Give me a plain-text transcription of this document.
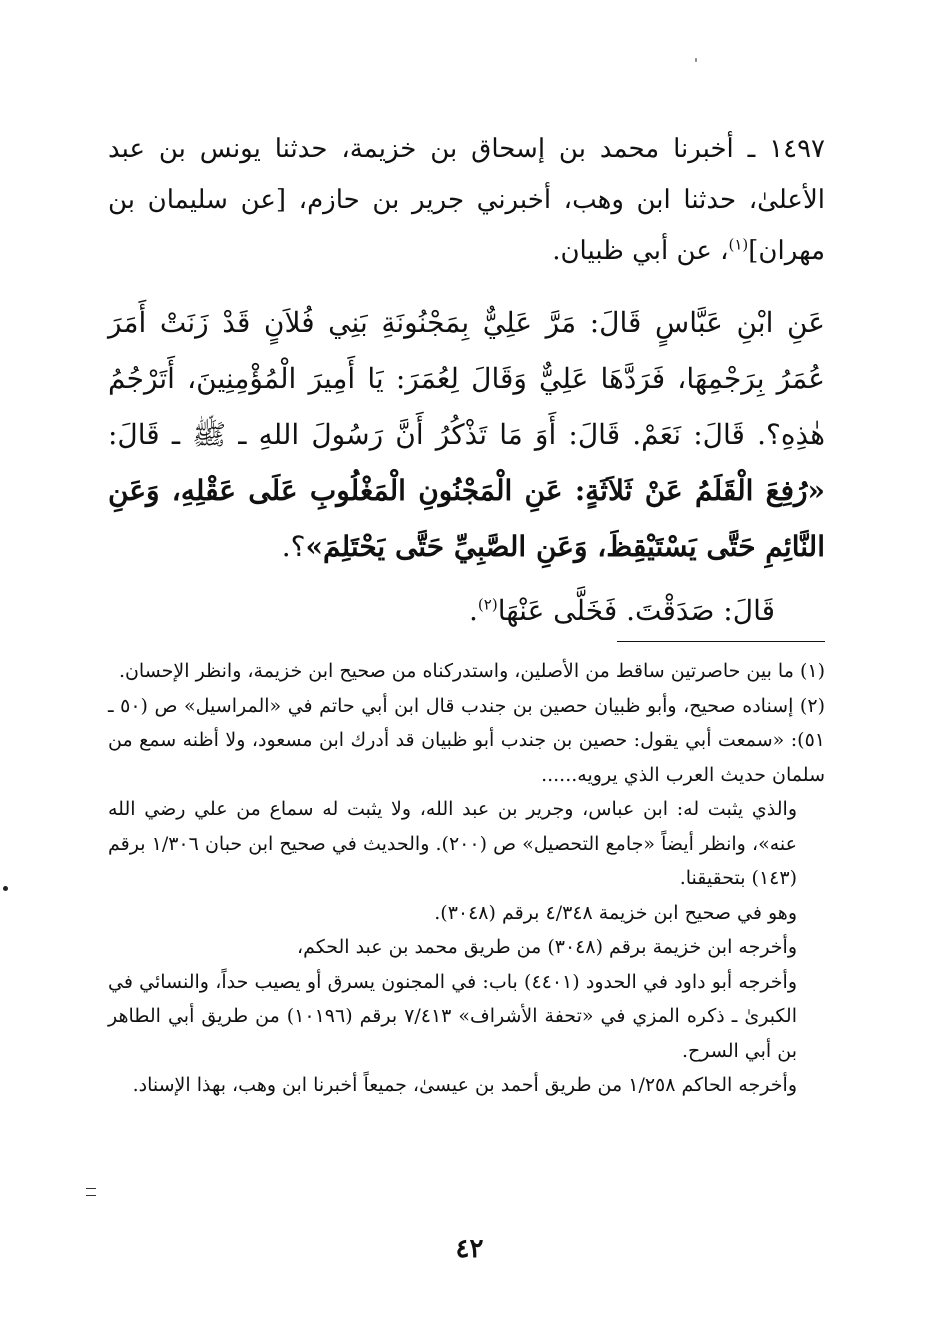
١٤٩٧ ـ أخبرنا محمد بن إسحاق بن خزيمة، حدثنا يونس بن عبد الأعلىٰ، حدثنا ابن وهب، أخبرني جرير بن حازم، [عن سليمان بن مهران]$^{(١)}$، عن أبي ظبيان.

عَنِ ابْنِ عَبَّاسٍ قَالَ: مَرَّ عَلِيٌّ بِمَجْنُونَةِ بَنِي فُلاَنٍ قَدْ زَنَتْ أَمَرَ عُمَرُ بِرَجْمِهَا، فَرَدَّهَا عَلِيٌّ وَقَالَ لِعُمَرَ: يَا أَمِيرَ الْمُؤْمِنِينَ، أَتَرْجُمُ هٰذِهِ؟. قَالَ: نَعَمْ. قَالَ: أَوَ مَا تَذْكُرُ أَنَّ رَسُولَ اللهِ ـ ﷺ ـ قَالَ: «رُفِعَ الْقَلَمُ عَنْ ثَلاَثَةٍ: عَنِ الْمَجْنُونِ الْمَغْلُوبِ عَلَى عَقْلِهِ، وَعَنِ النَّائِمِ حَتَّى يَسْتَيْقِظَ، وَعَنِ الصَّبِيِّ حَتَّى يَحْتَلِمَ»؟.

قَالَ: صَدَقْتَ. فَخَلَّى عَنْهَا$^{(٢)}$.

(١) ما بين حاصرتين ساقط من الأصلين، واستدركناه من صحيح ابن خزيمة، وانظر الإحسان.

(٢) إسناده صحيح، وأبو ظبيان حصين بن جندب قال ابن أبي حاتم في «المراسيل» ص (٥٠ ـ ٥١): «سمعت أبي يقول: حصين بن جندب أبو ظبيان قد أدرك ابن مسعود، ولا أظنه سمع من سلمان حديث العرب الذي يرويه......

والذي يثبت له: ابن عباس، وجرير بن عبد الله، ولا يثبت له سماع من علي رضي الله عنه»، وانظر أيضاً «جامع التحصيل» ص (٢٠٠). والحديث في صحيح ابن حبان ١/٣٠٦ برقم (١٤٣) بتحقيقنا.

وهو في صحيح ابن خزيمة ٤/٣٤٨ برقم (٣٠٤٨).

وأخرجه ابن خزيمة برقم (٣٠٤٨) من طريق محمد بن عبد الحكم،

وأخرجه أبو داود في الحدود (٤٤٠١) باب: في المجنون يسرق أو يصيب حداً، والنسائي في الكبرىٰ ـ ذكره المزي في «تحفة الأشراف» ٧/٤١٣ برقم (١٠١٩٦) من طريق أبي الطاهر بن أبي السرح.

وأخرجه الحاكم ١/٢٥٨ من طريق أحمد بن عيسىٰ، جميعاً أخبرنا ابن وهب، بهذا الإسناد.

٤٢
